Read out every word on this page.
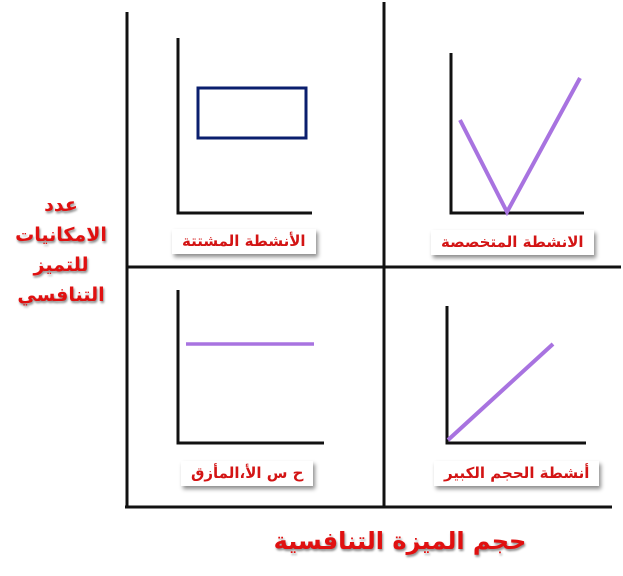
الأنشطة المشتتة	الانشطة المتخصصة
ح س الأ،المأزق	أنشطة الحجم الكبير
عدد
الامكانيات
للتميز
التنافسي
حجم الميزة التنافسية
